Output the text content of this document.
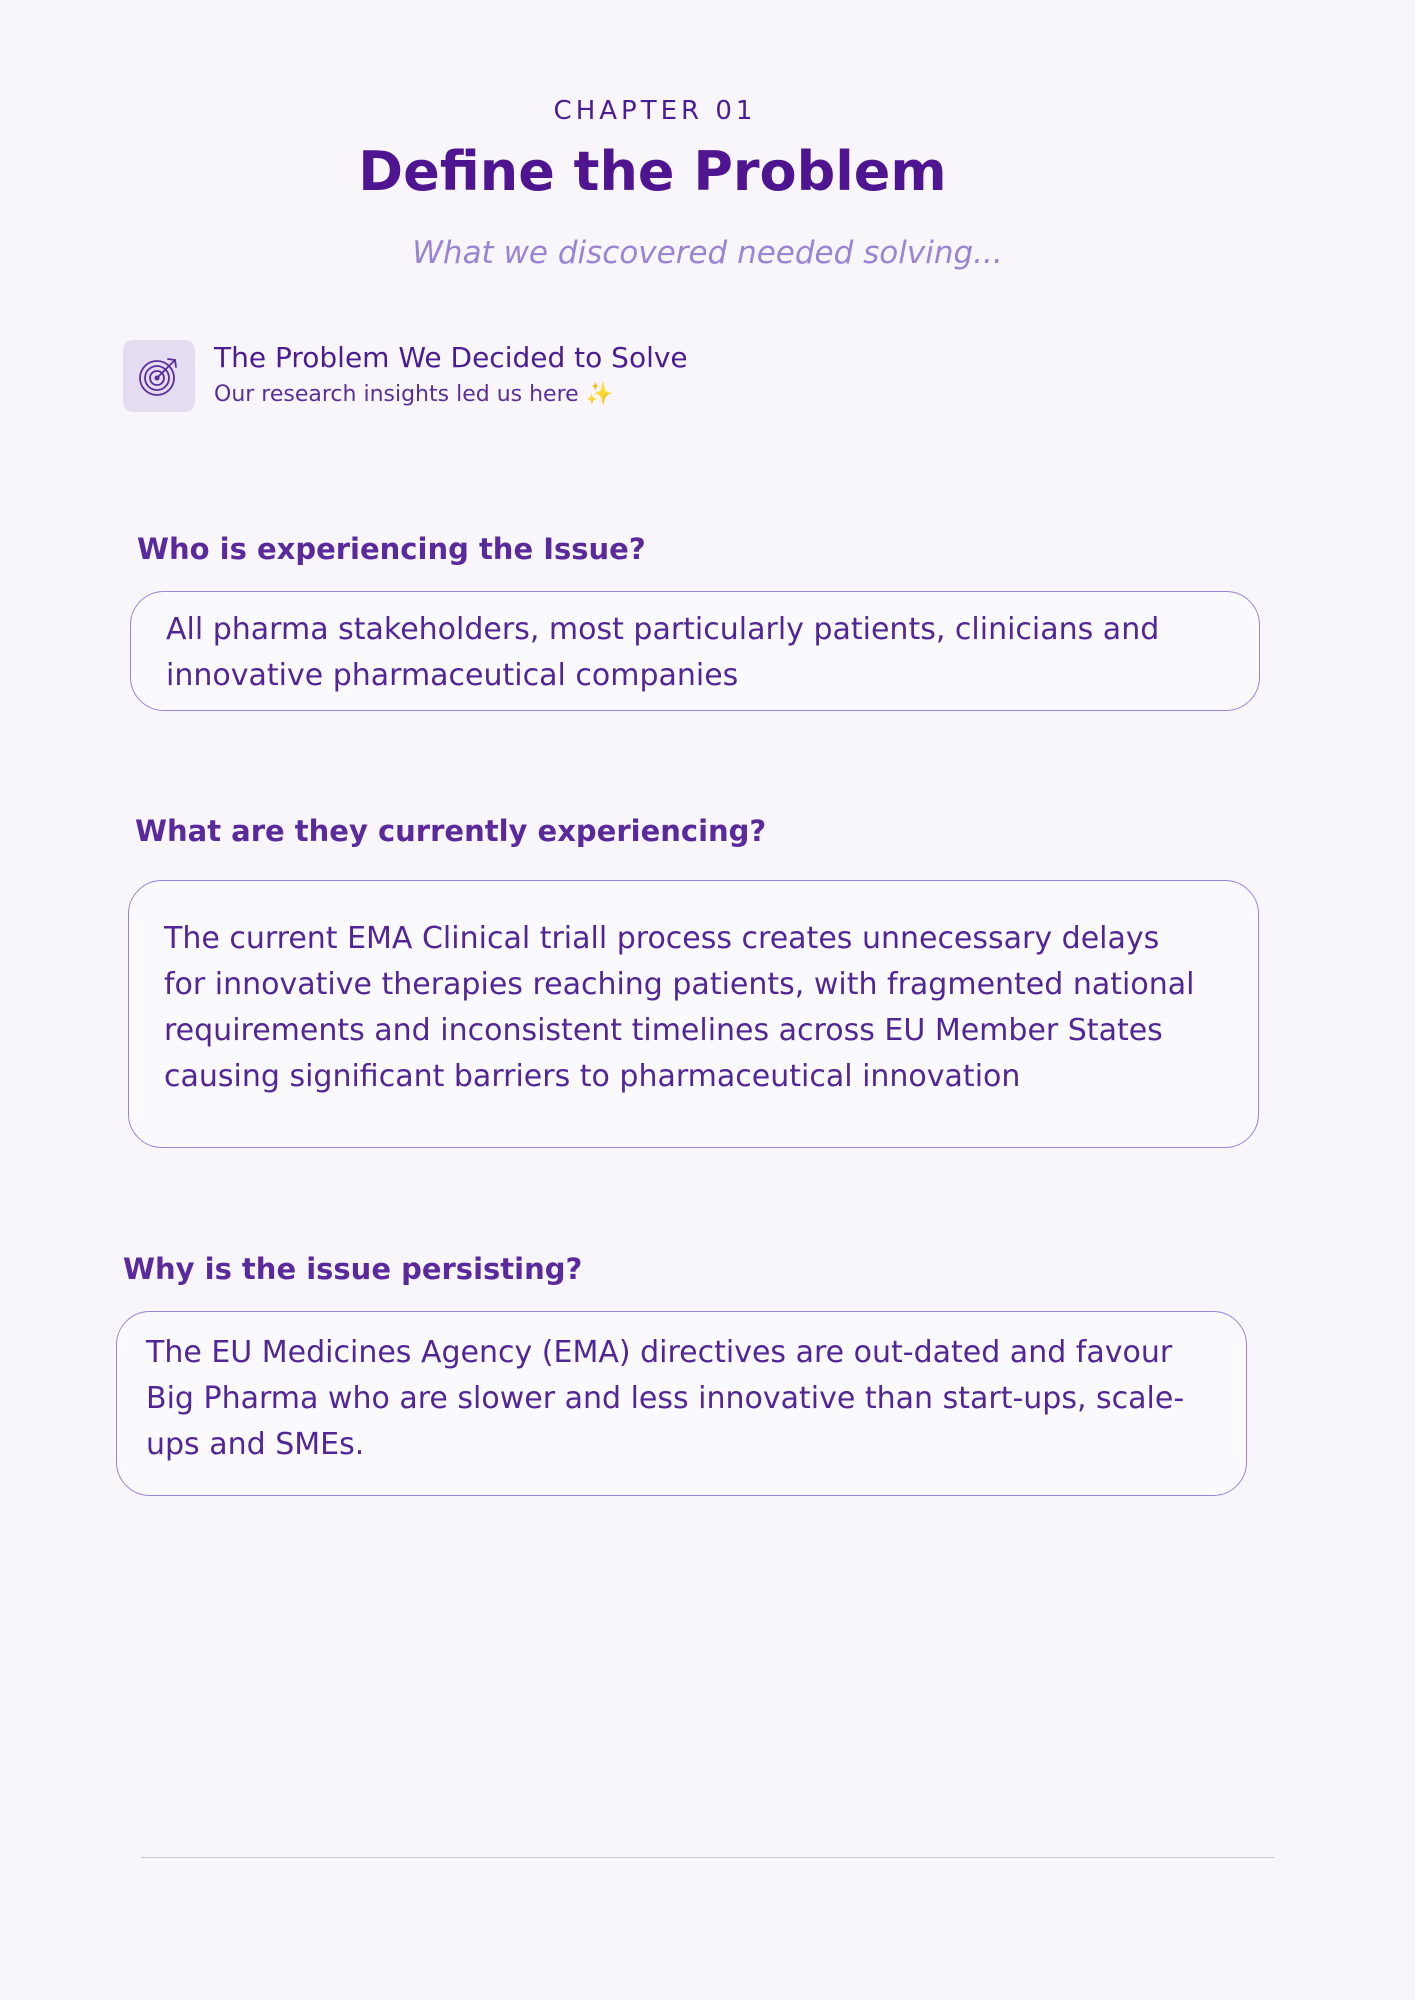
CHAPTER 01
Define the Problem
What we discovered needed solving...
The Problem We Decided to Solve
Our research insights led us here ✨
Who is experiencing the Issue?
All pharma stakeholders, most particularly patients, clinicians and
innovative pharmaceutical companies
What are they currently experiencing?
The current EMA Clinical triall process creates unnecessary delays
for innovative therapies reaching patients, with fragmented national
requirements and inconsistent timelines across EU Member States
causing significant barriers to pharmaceutical innovation
Why is the issue persisting?
The EU Medicines Agency (EMA) directives are out-dated and favour
Big Pharma who are slower and less innovative than start-ups, scale-
ups and SMEs.
